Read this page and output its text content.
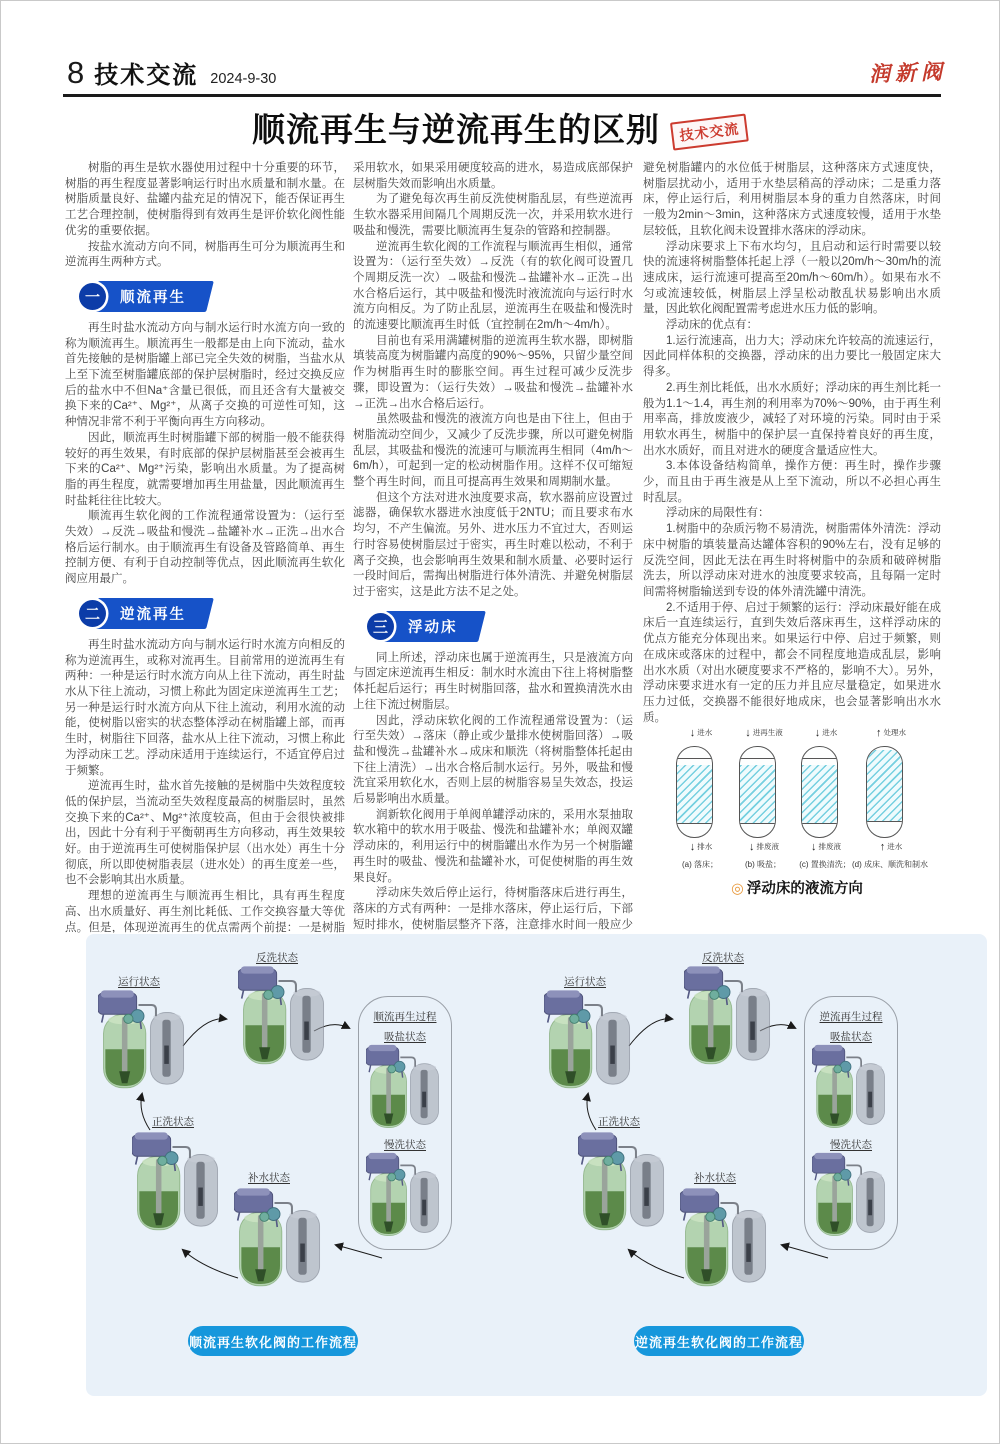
8 技术交流 2024-9-30	润新阀
顺流再生与逆流再生的区别	技术交流

树脂的再生是软水器使用过程中十分重要的环节，树脂的再生程度显著影响运行时出水质量和制水量。在树脂质量良好、盐罐内盐充足的情况下，能否保证再生工艺合理控制，使树脂得到有效再生是评价软化阀性能优劣的重要依据。

按盐水流动方向不同，树脂再生可分为顺流再生和逆流再生两种方式。

一	顺流再生

再生时盐水流动方向与制水运行时水流方向一致的称为顺流再生。顺流再生一般都是由上向下流动，盐水首先接触的是树脂罐上部已完全失效的树脂，当盐水从上至下流至树脂罐底部的保护层树脂时，经过交换反应后的盐水中不但Na⁺含量已很低，而且还含有大量被交换下来的Ca²⁺、Mg²⁺，从离子交换的可逆性可知，这种情况非常不利于平衡向再生方向移动。

因此，顺流再生时树脂罐下部的树脂一般不能获得较好的再生效果，有时底部的保护层树脂甚至会被再生下来的Ca²⁺、Mg²⁺污染，影响出水质量。为了提高树脂的再生程度，就需要增加再生用盐量，因此顺流再生时盐耗往往比较大。

顺流再生软化阀的工作流程通常设置为：（运行至失效）→反洗→吸盐和慢洗→盐罐补水→正洗→出水合格后运行制水。由于顺流再生有设备及管路简单、再生控制方便、有利于自动控制等优点，因此顺流再生软化阀应用最广。

二	逆流再生

再生时盐水流动方向与制水运行时水流方向相反的称为逆流再生，或称对流再生。目前常用的逆流再生有两种：一种是运行时水流方向从上往下流动，再生时盐水从下往上流动，习惯上称此为固定床逆流再生工艺；另一种是运行时水流方向从下往上流动，利用水流的动能，使树脂以密实的状态整体浮动在树脂罐上部，而再生时，树脂往下回落，盐水从上往下流动，习惯上称此为浮动床工艺。浮动床适用于连续运行，不适宜停启过于频繁。

逆流再生时，盐水首先接触的是树脂中失效程度较低的保护层，当流动至失效程度最高的树脂层时，虽然交换下来的Ca²⁺、Mg²⁺浓度较高，但由于会很快被排出，因此十分有利于平衡朝再生方向移动，再生效果较好。由于逆流再生可使树脂保护层（出水处）再生十分彻底，所以即使树脂表层（进水处）的再生度差一些，也不会影响其出水质量。

理想的逆流再生与顺流再生相比，具有再生程度高、出水质量好、再生剂比耗低、工作交换容量大等优点。但是，体现逆流再生的优点需两个前提：一是树脂

采用软水，如果采用硬度较高的进水，易造成底部保护层树脂失效而影响出水质量。

为了避免每次再生前反洗使树脂乱层，有些逆流再生软水器采用间隔几个周期反洗一次，并采用软水进行吸盐和慢洗，需要比顺流再生复杂的管路和控制器。

逆流再生软化阀的工作流程与顺流再生相似，通常设置为：（运行至失效）→反洗（有的软化阀可设置几个周期反洗一次）→吸盐和慢洗→盐罐补水→正洗→出水合格后运行，其中吸盐和慢洗时液流流向与运行时水流方向相反。为了防止乱层，逆流再生在吸盐和慢洗时的流速要比顺流再生时低（宜控制在2m/h～4m/h）。

目前也有采用满罐树脂的逆流再生软水器，即树脂填装高度为树脂罐内高度的90%～95%，只留少量空间作为树脂再生时的膨胀空间。再生过程可减少反洗步骤，即设置为：（运行失效）→吸盐和慢洗→盐罐补水→正洗→出水合格后运行。

虽然吸盐和慢洗的液流方向也是由下往上，但由于树脂流动空间少，又减少了反洗步骤，所以可避免树脂乱层，其吸盐和慢洗的流速可与顺流再生相同（4m/h～6m/h），可起到一定的松动树脂作用。这样不仅可缩短整个再生时间，而且可提高再生效果和周期制水量。

但这个方法对进水浊度要求高，软水器前应设置过滤器，确保软水器进水浊度低于2NTU；而且要求布水均匀，不产生偏流。另外、进水压力不宜过大，否则运行时容易使树脂层过于密实，再生时难以松动，不利于离子交换，也会影响再生效果和制水质量、必要时运行一段时间后，需掏出树脂进行体外清洗、并避免树脂层过于密实，这是此方法不足之处。

三	浮动床

同上所述，浮动床也属于逆流再生，只是液流方向与固定床逆流再生相反：制水时水流由下往上将树脂整体托起后运行；再生时树脂回落，盐水和置换清洗水由上往下流过树脂层。

因此，浮动床软化阀的工作流程通常设置为：（运行至失效）→落床（静止或少量排水使树脂回落）→吸盐和慢洗→盐罐补水→成床和顺洗（将树脂整体托起由下往上清洗）→出水合格后制水运行。另外，吸盐和慢洗宜采用软化水，否则上层的树脂容易呈失效态，投运后易影响出水质量。

润新软化阀用于单阀单罐浮动床的，采用水泵抽取软水箱中的软水用于吸盐、慢洗和盐罐补水；单阀双罐浮动床的，利用运行中的树脂罐出水作为另一个树脂罐再生时的吸盐、慢洗和盐罐补水，可促使树脂的再生效果良好。

浮动床失效后停止运行，待树脂落床后进行再生，落床的方式有两种：一是排水落床，停止运行后，下部短时排水，使树脂层整齐下落，注意排水时间一般应少

避免树脂罐内的水位低于树脂层，这种落床方式速度快，树脂层扰动小，适用于水垫层稍高的浮动床；二是重力落床，停止运行后，利用树脂层本身的重力自然落床，时间一般为2min～3min，这种落床方式速度较慢，适用于水垫层较低，且软化阀未设置排水落床的浮动床。

浮动床要求上下布水均匀，且启动和运行时需要以较快的流速将树脂整体托起上浮（一般以20m/h～30m/h的流速成床，运行流速可提高至20m/h～60m/h）。如果布水不匀或流速较低，树脂层上浮呈松动散乱状易影响出水质量，因此软化阀配置需考虑进水压力低的影响。

浮动床的优点有：

1.运行流速高，出力大；浮动床允许较高的流速运行，因此同样体积的交换器，浮动床的出力要比一般固定床大得多。

2.再生剂比耗低，出水水质好；浮动床的再生剂比耗一般为1.1～1.4，再生剂的利用率为70%～90%，由于再生利用率高，排放废液少，减轻了对环境的污染。同时由于采用软水再生，树脂中的保护层一直保持着良好的再生度，出水水质好，而且对进水的硬度含量适应性大。

3.本体设备结构简单，操作方便：再生时，操作步骤少，而且由于再生液是从上至下流动，所以不必担心再生时乱层。

浮动床的局限性有：

1.树脂中的杂质污物不易清洗，树脂需体外清洗：浮动床中树脂的填装量高达罐体容积的90%左右，没有足够的反洗空间，因此无法在再生时将树脂中的杂质和破碎树脂洗去，所以浮动床对进水的浊度要求较高，且每隔一定时间需将树脂输送到专设的体外清洗罐中清洗。

2.不适用于停、启过于频繁的运行：浮动床最好能在成床后一直连续运行，直到失效后落床再生，这样浮动床的优点方能充分体现出来。如果运行中停、启过于频繁，则在成床或落床的过程中，都会不同程度地造成乱层，影响出水水质（对出水硬度要求不严格的，影响不大）。另外，浮动床要求进水有一定的压力并且应尽量稳定，如果进水压力过低，交换器不能很好地成床，也会显著影响出水水质。

↓ 进水
↓ 排水
(a) 落床；
↓ 进再生液
↓ 排废液
(b) 吸盐；
↓ 进水
↓ 排废液
(c) 置换清洗；
↑ 处理水
↑ 进水
(d) 成床、顺洗和制水
◎ 浮动床的液流方向
运行状态
反洗状态
顺流再生过程
吸盐状态
慢洗状态
正洗状态
补水状态
顺流再生软化阀的工作流程
运行状态
反洗状态
逆流再生过程
吸盐状态
慢洗状态
正洗状态
补水状态
逆流再生软化阀的工作流程
